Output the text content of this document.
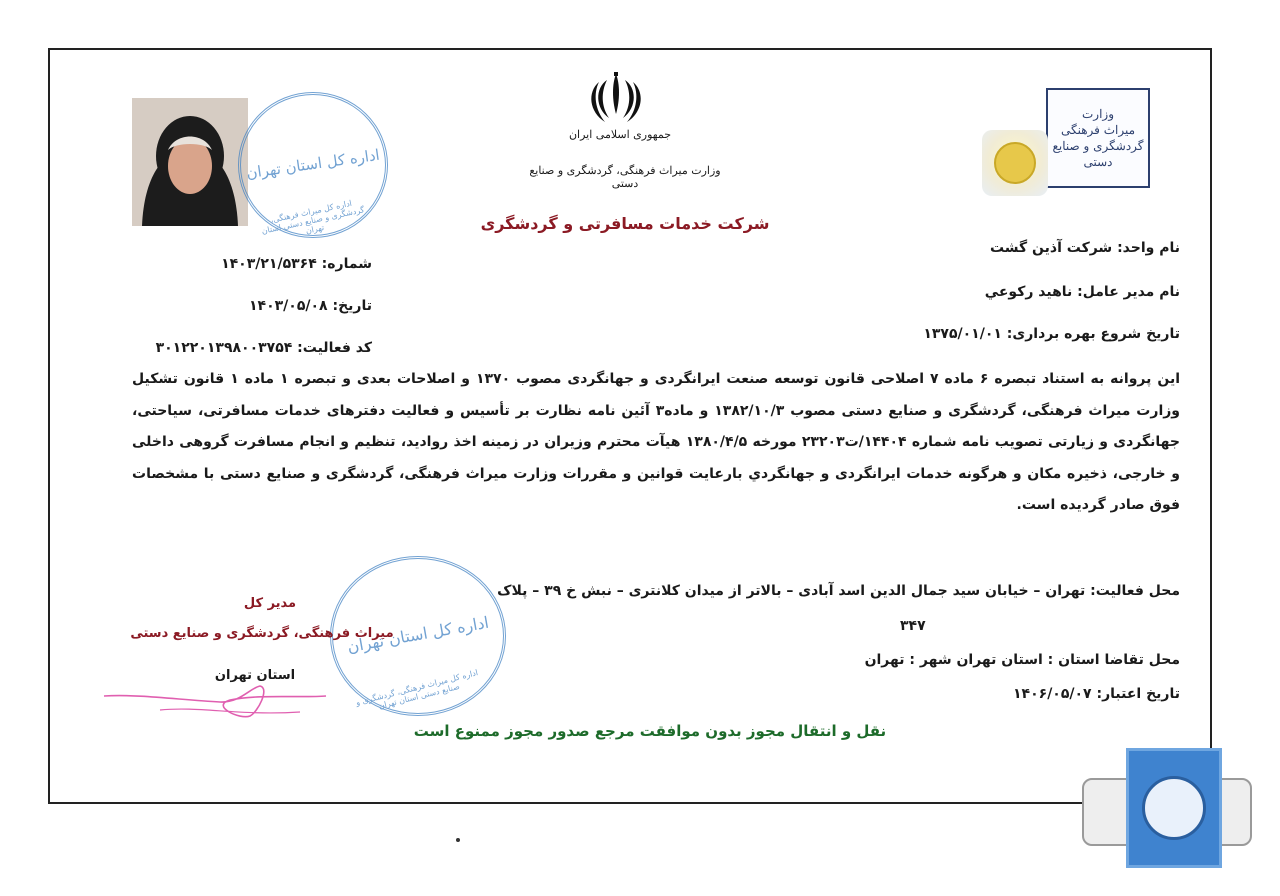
جمهوری اسلامی ایران
وزارت میراث فرهنگی، گردشگری و صنایع دستی
شرکت خدمات مسافرتی و گردشگری
وزارت
میراث فرهنگی
گردشگری و صنایع دستی
اداره کل استان تهران
اداره کل میراث فرهنگی، گردشگری و صنایع دستی استان تهران
شماره: ۱۴۰۳/۲۱/۵۳۶۴
تاریخ: ۱۴۰۳/۰۵/۰۸
کد فعالیت: ۳۰۱۲۲۰۱۳۹۸۰۰۳۷۵۴
نام واحد: شرکت آذین گشت
نام مدیر عامل: ناهید رکوعي
تاریخ شروع بهره برداری: ۱۳۷۵/۰۱/۰۱
این پروانه به استناد تبصره ۶ ماده ۷ اصلاحی قانون توسعه صنعت ایرانگردی و جهانگردی مصوب ۱۳۷۰ و اصلاحات بعدی و تبصره ۱ ماده ۱ قانون تشکیل وزارت میراث فرهنگی، گردشگری و صنایع دستی مصوب ۱۳۸۲/۱۰/۳ و ماده۳ آئین نامه نظارت بر تأسیس و فعالیت دفترهای خدمات مسافرتی، سیاحتی، جهانگردی و زیارتی تصویب نامه شماره ۱۴۴۰۴/ت۲۳۲۰۳ مورخه ۱۳۸۰/۴/۵ هیآت محترم وزیران در زمینه اخذ روادید، تنظیم و انجام مسافرت گروهی داخلی و خارجی، ذخیره مکان و هرگونه خدمات ایرانگردی و جهانگردي بارعایت قوانین و مقررات وزارت میراث فرهنگی، گردشگری و صنایع دستی با مشخصات فوق صادر گردیده است.
اداره کل استان تهران
اداره کل میراث فرهنگی، گردشگری و صنایع دستی استان تهران
محل فعالیت: تهران – خیابان سید جمال الدین اسد آبادی – بالاتر از میدان کلانتری – نبش خ ۳۹ – پلاک
۳۴۷
محل تقاضا استان : استان تهران شهر : تهران
تاریخ اعتبار: ۱۴۰۶/۰۵/۰۷
مدیر کل
میراث فرهنگی، گردشگری و صنایع دستی
استان تهران
نقل و انتقال مجوز بدون موافقت مرجع صدور مجوز ممنوع است
